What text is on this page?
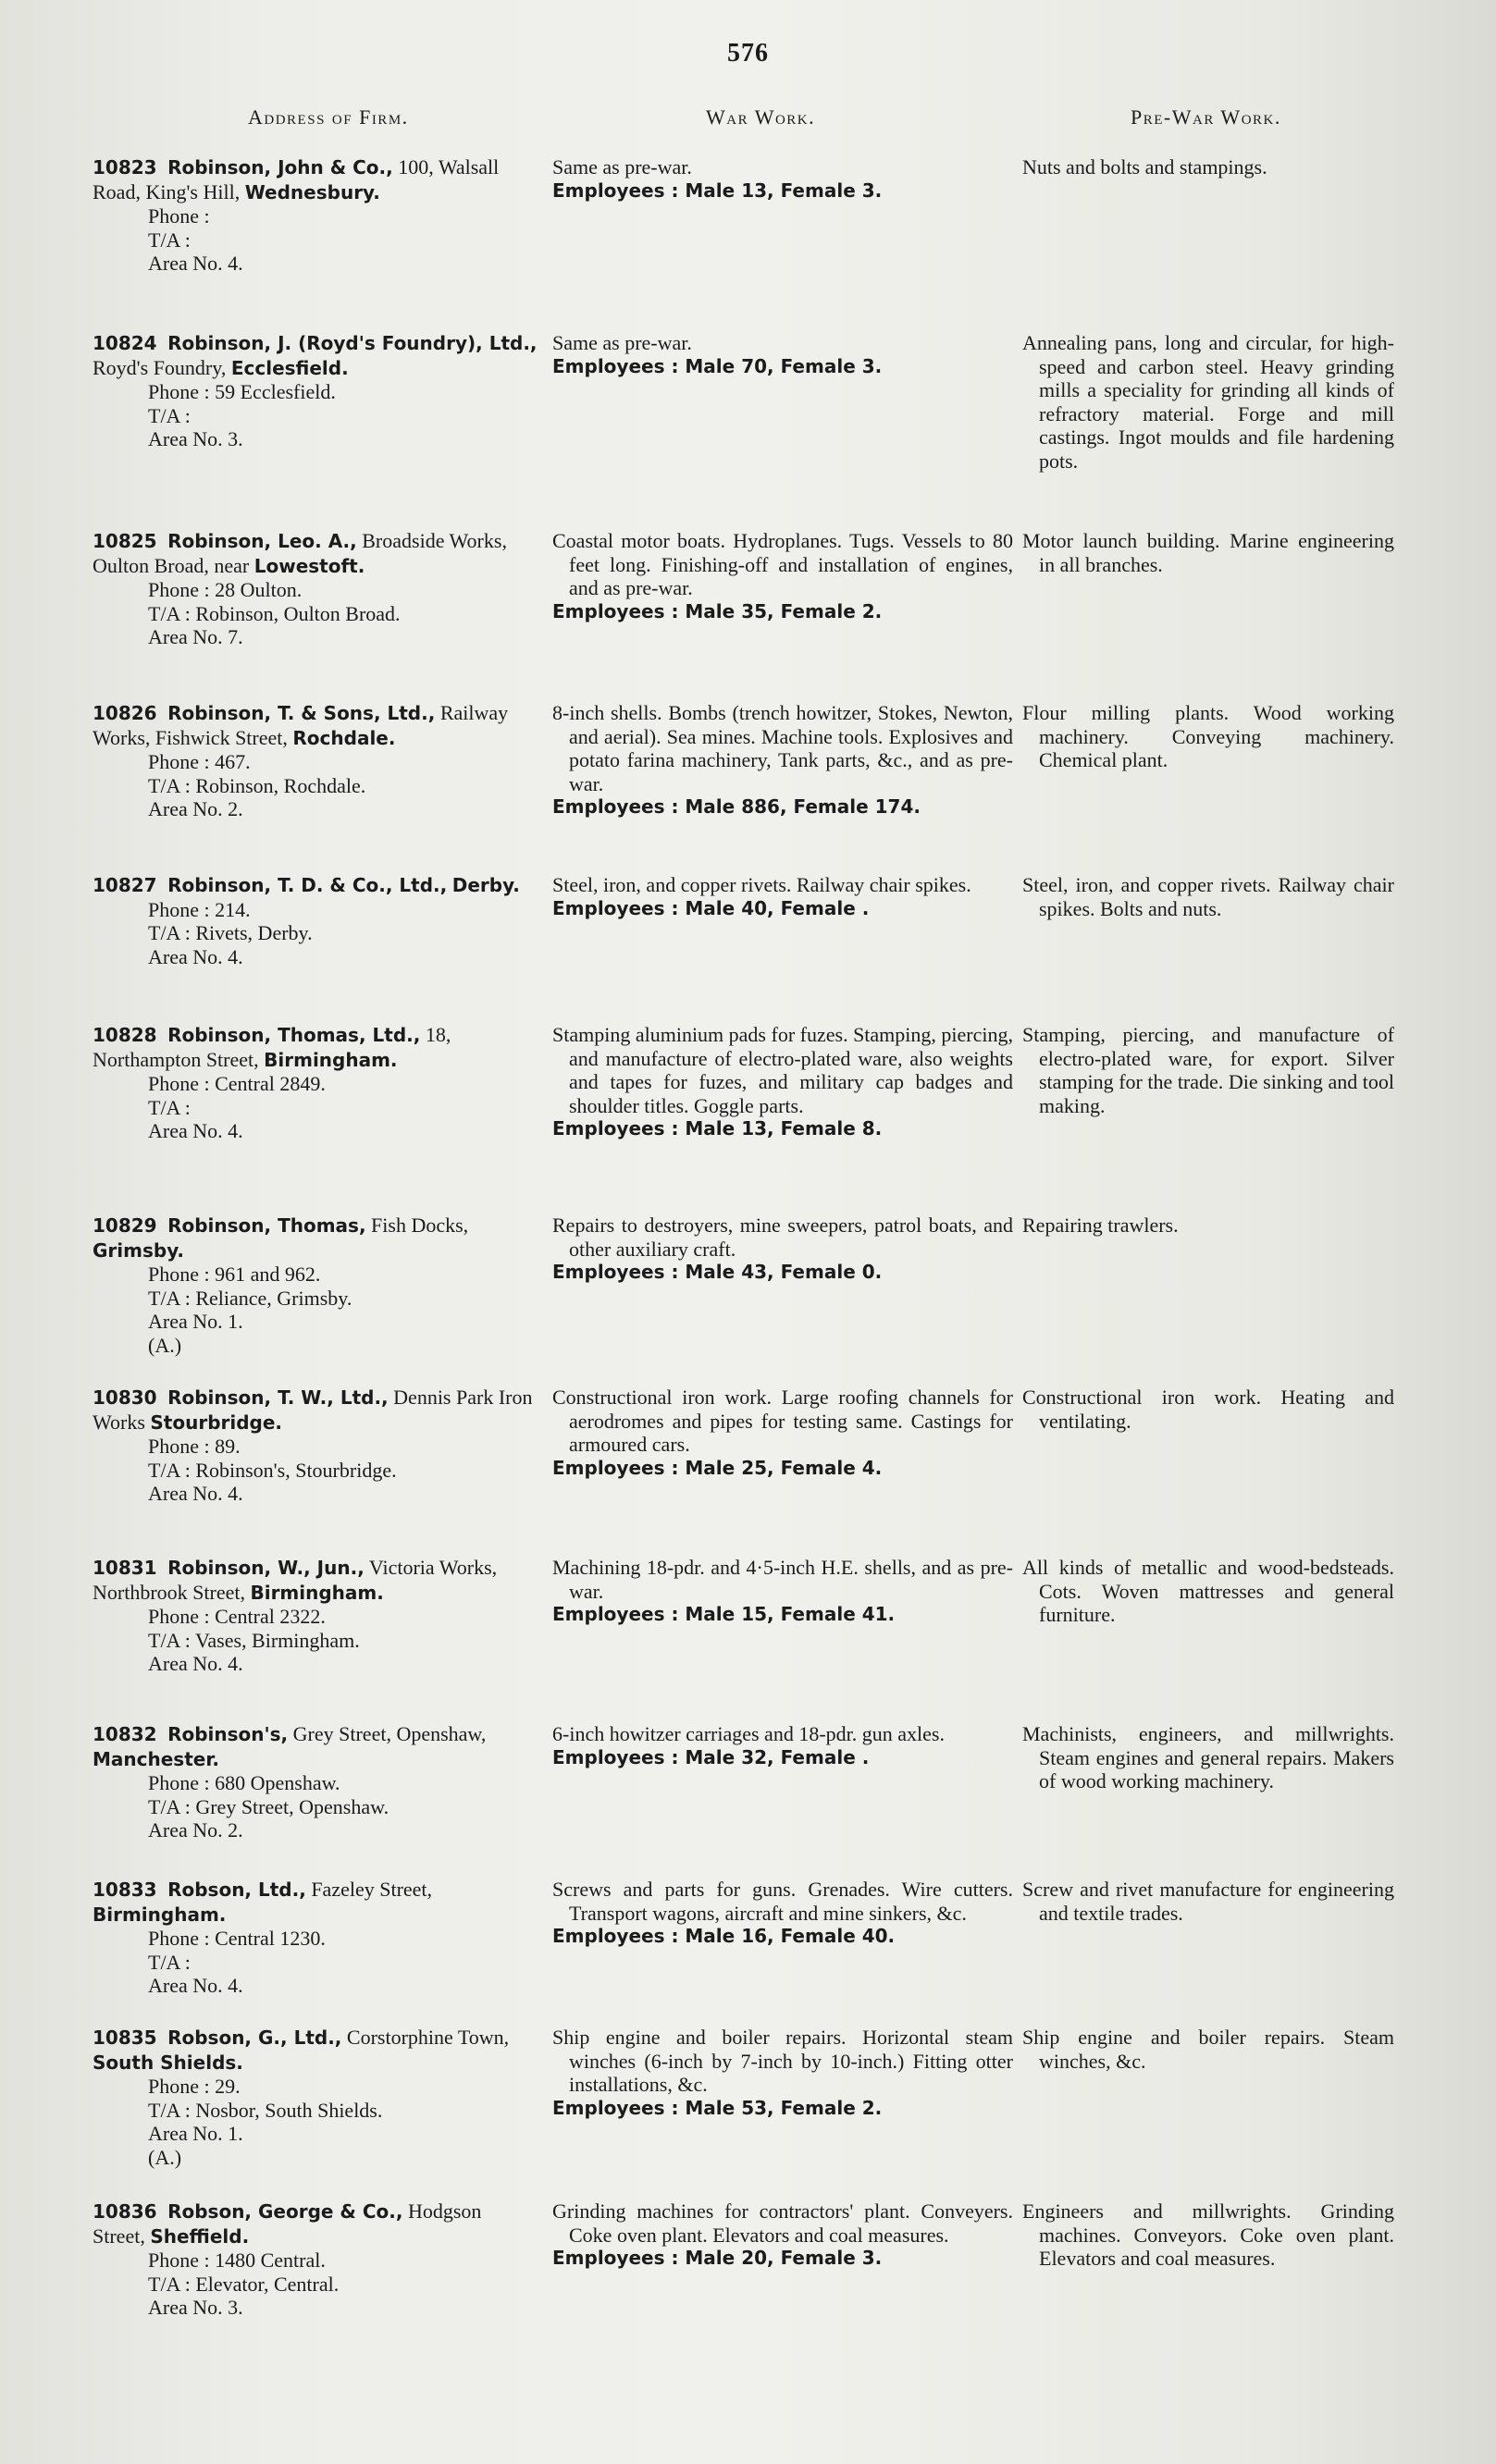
576
Address of Firm.	War Work.	Pre-War Work.
10823 Robinson, John & Co., 100, Walsall Road, King's Hill, Wednesbury.
Phone :
T/A :
Area No. 4.
Same as pre-war.
Employees : Male 13, Female 3.
Nuts and bolts and stampings.
10824 Robinson, J. (Royd's Foundry), Ltd., Royd's Foundry, Ecclesfield.
Phone : 59 Ecclesfield.
T/A :
Area No. 3.
Same as pre-war.
Employees : Male 70, Female 3.
Annealing pans, long and circular, for high-speed and carbon steel. Heavy grinding mills a speciality for grinding all kinds of refractory material. Forge and mill castings. Ingot moulds and file hardening pots.
10825 Robinson, Leo. A., Broadside Works, Oulton Broad, near Lowestoft.
Phone : 28 Oulton.
T/A : Robinson, Oulton Broad.
Area No. 7.
Coastal motor boats. Hydroplanes. Tugs. Vessels to 80 feet long. Finishing-off and installation of engines, and as pre-war.
Employees : Male 35, Female 2.
Motor launch building. Marine engineering in all branches.
10826 Robinson, T. & Sons, Ltd., Railway Works, Fishwick Street, Rochdale.
Phone : 467.
T/A : Robinson, Rochdale.
Area No. 2.
8-inch shells. Bombs (trench howitzer, Stokes, Newton, and aerial). Sea mines. Machine tools. Explosives and potato farina machinery, Tank parts, &c., and as pre-war.
Employees : Male 886, Female 174.
Flour milling plants. Wood working machinery. Conveying machinery. Chemical plant.
10827 Robinson, T. D. & Co., Ltd., Derby.
Phone : 214.
T/A : Rivets, Derby.
Area No. 4.
Steel, iron, and copper rivets. Railway chair spikes.
Employees : Male 40, Female .
Steel, iron, and copper rivets. Railway chair spikes. Bolts and nuts.
10828 Robinson, Thomas, Ltd., 18, Northampton Street, Birmingham.
Phone : Central 2849.
T/A :
Area No. 4.
Stamping aluminium pads for fuzes. Stamping, piercing, and manufacture of electro-plated ware, also weights and tapes for fuzes, and military cap badges and shoulder titles. Goggle parts.
Employees : Male 13, Female 8.
Stamping, piercing, and manufacture of electro-plated ware, for export. Silver stamping for the trade. Die sinking and tool making.
10829 Robinson, Thomas, Fish Docks, Grimsby.
Phone : 961 and 962.
T/A : Reliance, Grimsby.
Area No. 1.
(A.)
Repairs to destroyers, mine sweepers, patrol boats, and other auxiliary craft.
Employees : Male 43, Female 0.
Repairing trawlers.
10830 Robinson, T. W., Ltd., Dennis Park Iron Works Stourbridge.
Phone : 89.
T/A : Robinson's, Stourbridge.
Area No. 4.
Constructional iron work. Large roofing channels for aerodromes and pipes for testing same. Castings for armoured cars.
Employees : Male 25, Female 4.
Constructional iron work. Heating and ventilating.
10831 Robinson, W., Jun., Victoria Works, Northbrook Street, Birmingham.
Phone : Central 2322.
T/A : Vases, Birmingham.
Area No. 4.
Machining 18-pdr. and 4·5-inch H.E. shells, and as pre-war.
Employees : Male 15, Female 41.
All kinds of metallic and wood-bedsteads. Cots. Woven mattresses and general furniture.
10832 Robinson's, Grey Street, Openshaw, Manchester.
Phone : 680 Openshaw.
T/A : Grey Street, Openshaw.
Area No. 2.
6-inch howitzer carriages and 18-pdr. gun axles.
Employees : Male 32, Female .
Machinists, engineers, and millwrights. Steam engines and general repairs. Makers of wood working machinery.
10833 Robson, Ltd., Fazeley Street, Birmingham.
Phone : Central 1230.
T/A :
Area No. 4.
Screws and parts for guns. Grenades. Wire cutters. Transport wagons, aircraft and mine sinkers, &c.
Employees : Male 16, Female 40.
Screw and rivet manufacture for engineering and textile trades.
10835 Robson, G., Ltd., Corstorphine Town, South Shields.
Phone : 29.
T/A : Nosbor, South Shields.
Area No. 1.
(A.)
Ship engine and boiler repairs. Horizontal steam winches (6-inch by 7-inch by 10-inch.) Fitting otter installations, &c.
Employees : Male 53, Female 2.
Ship engine and boiler repairs. Steam winches, &c.
10836 Robson, George & Co., Hodgson Street, Sheffield.
Phone : 1480 Central.
T/A : Elevator, Central.
Area No. 3.
Grinding machines for contractors' plant. Conveyers. Coke oven plant. Elevators and coal measures.
Employees : Male 20, Female 3.
Engineers and millwrights. Grinding machines. Conveyors. Coke oven plant. Elevators and coal measures.
